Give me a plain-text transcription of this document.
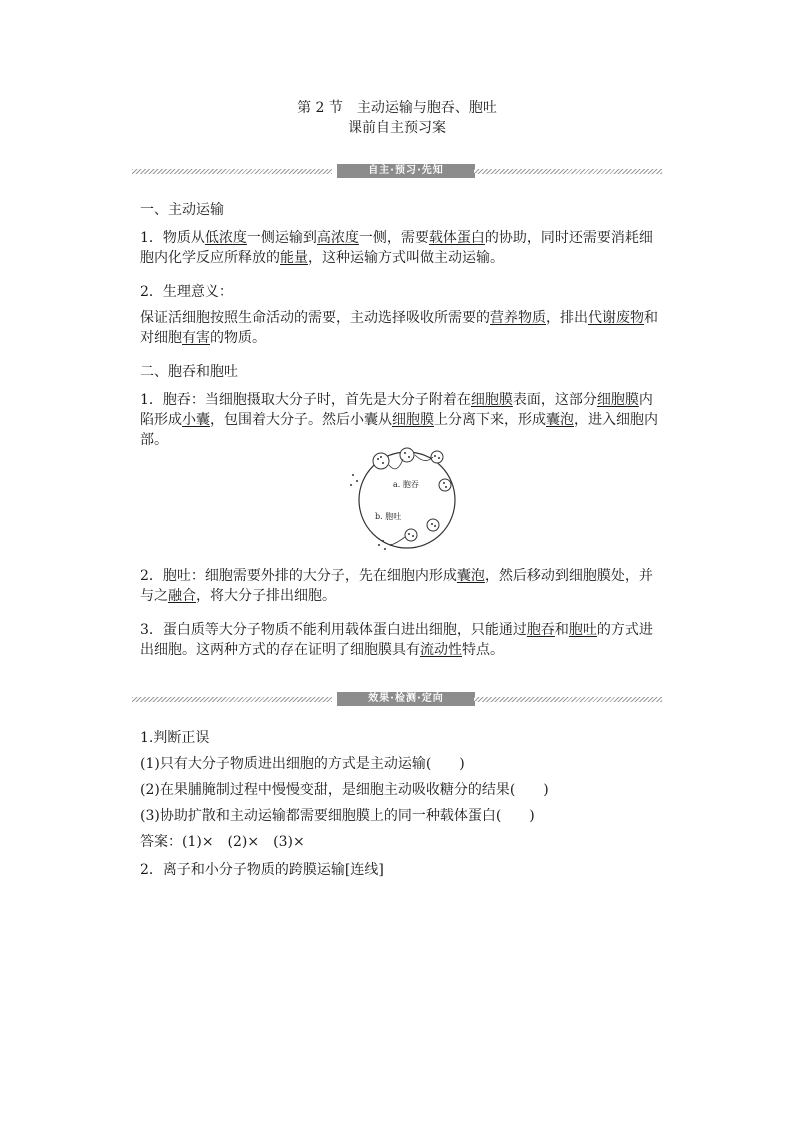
第 2 节　主动运输与胞吞、胞吐
课前自主预习案
自主·预习·先知

一、主动运输

1．物质从低浓度一侧运输到高浓度一侧，需要载体蛋白的协助，同时还需要消耗细胞内化学反应所释放的能量，这种运输方式叫做主动运输。

2．生理意义：

保证活细胞按照生命活动的需要，主动选择吸收所需要的营养物质，排出代谢废物和对细胞有害的物质。

二、胞吞和胞吐

1．胞吞：当细胞摄取大分子时，首先是大分子附着在细胞膜表面，这部分细胞膜内陷形成小囊，包围着大分子。然后小囊从细胞膜上分离下来，形成囊泡，进入细胞内部。

a. 胞吞
b. 胞吐

2．胞吐：细胞需要外排的大分子，先在细胞内形成囊泡，然后移动到细胞膜处，并与之融合，将大分子排出细胞。

3．蛋白质等大分子物质不能利用载体蛋白进出细胞，只能通过胞吞和胞吐的方式进出细胞。这两种方式的存在证明了细胞膜具有流动性特点。

效果·检测·定向

1.判断正误

(1)只有大分子物质进出细胞的方式是主动运输(　　)

(2)在果脯腌制过程中慢慢变甜，是细胞主动吸收糖分的结果(　　)

(3)协助扩散和主动运输都需要细胞膜上的同一种载体蛋白(　　)

答案：(1)×　(2)×　(3)×

2．离子和小分子物质的跨膜运输[连线]
